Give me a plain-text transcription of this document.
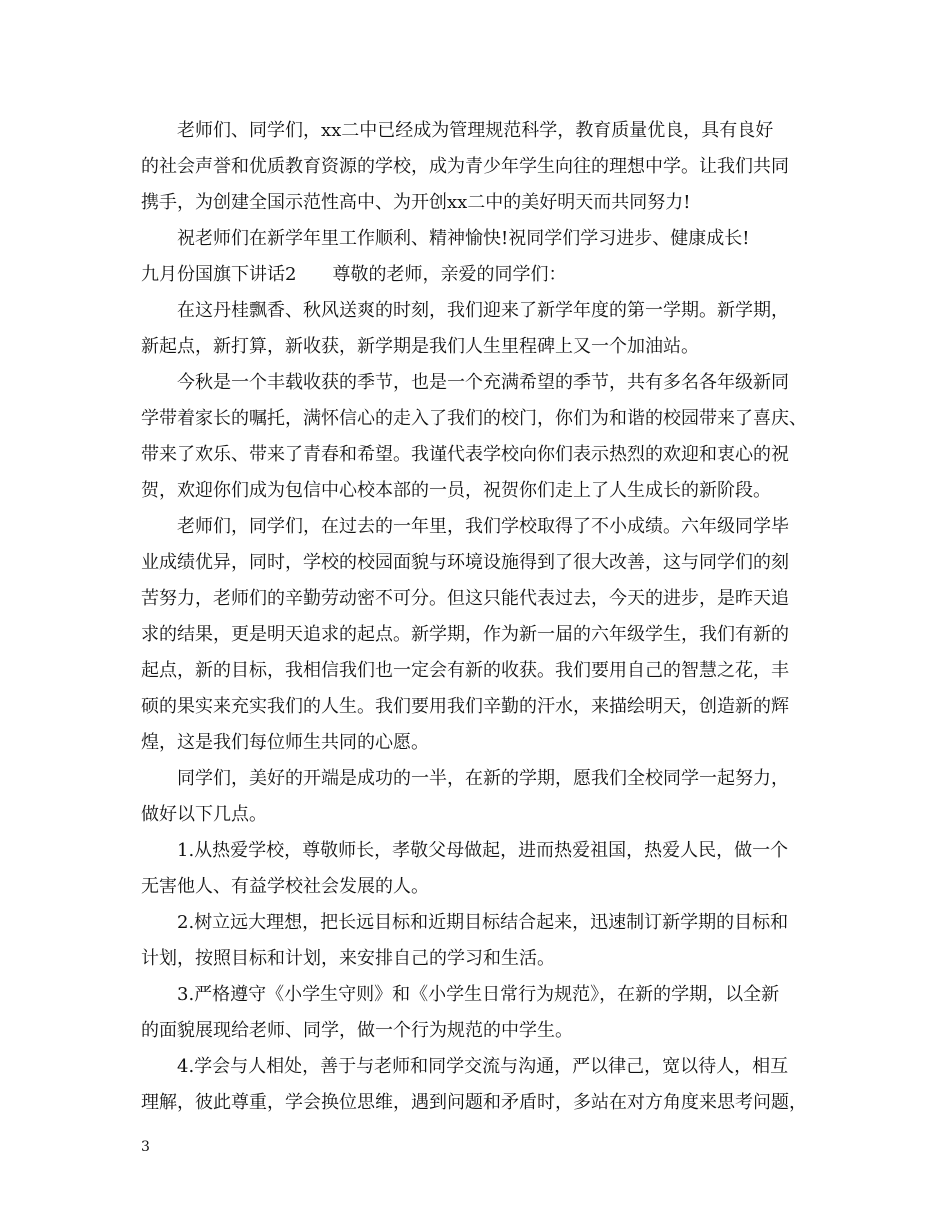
老师们、同学们，xx二中已经成为管理规范科学，教育质量优良，具有良好
的社会声誉和优质教育资源的学校，成为青少年学生向往的理想中学。让我们共同
携手，为创建全国示范性高中、为开创xx二中的美好明天而共同努力!
祝老师们在新学年里工作顺利、精神愉快!祝同学们学习进步、健康成长!
九月份国旗下讲话2　　尊敬的老师，亲爱的同学们：
在这丹桂飘香、秋风送爽的时刻，我们迎来了新学年度的第一学期。新学期，
新起点，新打算，新收获，新学期是我们人生里程碑上又一个加油站。
今秋是一个丰载收获的季节，也是一个充满希望的季节，共有多名各年级新同
学带着家长的嘱托，满怀信心的走入了我们的校门，你们为和谐的校园带来了喜庆、
带来了欢乐、带来了青春和希望。我谨代表学校向你们表示热烈的欢迎和衷心的祝
贺，欢迎你们成为包信中心校本部的一员，祝贺你们走上了人生成长的新阶段。
老师们，同学们，在过去的一年里，我们学校取得了不小成绩。六年级同学毕
业成绩优异，同时，学校的校园面貌与环境设施得到了很大改善，这与同学们的刻
苦努力，老师们的辛勤劳动密不可分。但这只能代表过去，今天的进步，是昨天追
求的结果，更是明天追求的起点。新学期，作为新一届的六年级学生，我们有新的
起点，新的目标，我相信我们也一定会有新的收获。我们要用自己的智慧之花，丰
硕的果实来充实我们的人生。我们要用我们辛勤的汗水，来描绘明天，创造新的辉
煌，这是我们每位师生共同的心愿。
同学们，美好的开端是成功的一半，在新的学期，愿我们全校同学一起努力，
做好以下几点。
1.从热爱学校，尊敬师长，孝敬父母做起，进而热爱祖国，热爱人民，做一个
无害他人、有益学校社会发展的人。
2.树立远大理想，把长远目标和近期目标结合起来，迅速制订新学期的目标和
计划，按照目标和计划，来安排自己的学习和生活。
3.严格遵守《小学生守则》和《小学生日常行为规范》，在新的学期，以全新
的面貌展现给老师、同学，做一个行为规范的中学生。
4.学会与人相处，善于与老师和同学交流与沟通，严以律己，宽以待人，相互
理解，彼此尊重，学会换位思维，遇到问题和矛盾时，多站在对方角度来思考问题，
3
